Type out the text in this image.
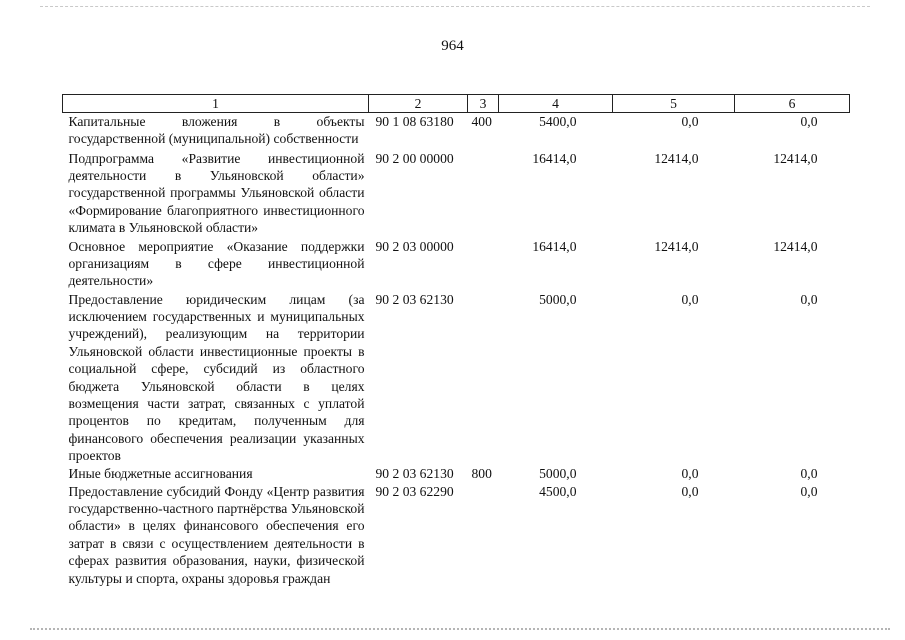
964
1	2	3	4	5	6
Капитальные вложения в объекты государственной (муниципальной) собственности	90 1 08 63180	400	5400,0	0,0	0,0
Подпрограмма «Развитие инвестиционной деятельности в Ульяновской области» государственной программы Ульяновской области «Формирование благоприятного инвестиционного климата в Ульяновской области»	90 2 00 00000		16414,0	12414,0	12414,0
Основное мероприятие «Оказание поддержки организациям в сфере инвестиционной деятельности»	90 2 03 00000		16414,0	12414,0	12414,0
Предоставление юридическим лицам (за исключением государственных и муниципальных учреждений), реализующим на территории Ульяновской области инвестиционные проекты в социальной сфере, субсидий из областного бюджета Ульяновской области в целях возмещения части затрат, связанных с уплатой процентов по кредитам, полученным для финансового обеспечения реализации указанных проектов	90 2 03 62130		5000,0	0,0	0,0
Иные бюджетные ассигнования	90 2 03 62130	800	5000,0	0,0	0,0
Предоставление субсидий Фонду «Центр развития государственно-частного партнёрства Ульяновской области» в целях финансового обеспечения его затрат в связи с осуществлением деятельности в сферах развития образования, науки, физической культуры и спорта, охраны здоровья граждан	90 2 03 62290		4500,0	0,0	0,0
